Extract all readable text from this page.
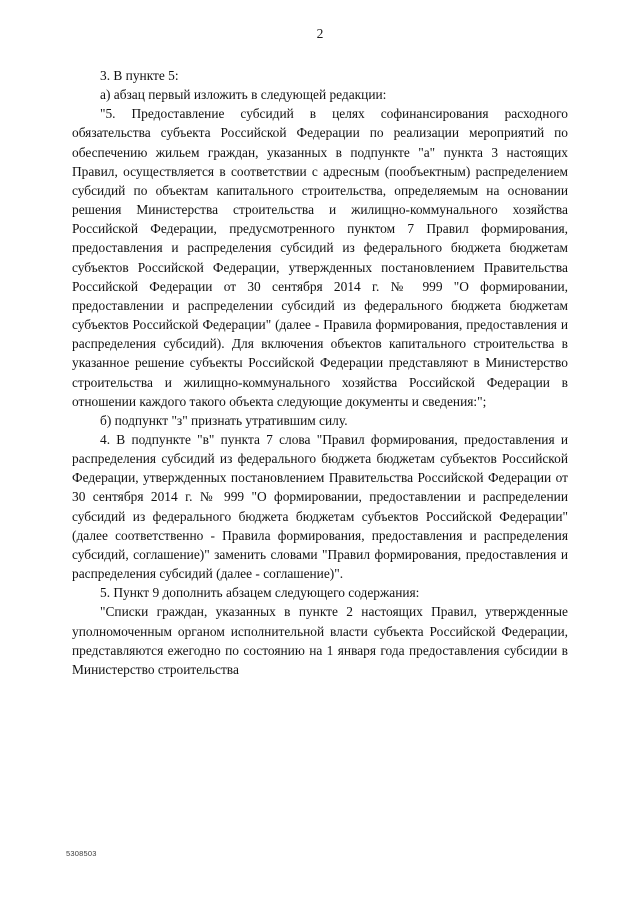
2

3. В пункте 5:

а) абзац первый изложить в следующей редакции:

"5. Предоставление субсидий в целях софинансирования расходного обязательства субъекта Российской Федерации по реализации мероприятий по обеспечению жильем граждан, указанных в подпункте "а" пункта 3 настоящих Правил, осуществляется в соответствии с адресным (пообъектным) распределением субсидий по объектам капитального строительства, определяемым на основании решения Министерства строительства и жилищно-коммунального хозяйства Российской Федерации, предусмотренного пунктом 7 Правил формирования, предоставления и распределения субсидий из федерального бюджета бюджетам субъектов Российской Федерации, утвержденных постановлением Правительства Российской Федерации от 30 сентября 2014 г. № 999 "О формировании, предоставлении и распределении субсидий из федерального бюджета бюджетам субъектов Российской Федерации" (далее - Правила формирования, предоставления и распределения субсидий). Для включения объектов капитального строительства в указанное решение субъекты Российской Федерации представляют в Министерство строительства и жилищно-коммунального хозяйства Российской Федерации в отношении каждого такого объекта следующие документы и сведения:";

б) подпункт "з" признать утратившим силу.

4. В подпункте "в" пункта 7 слова "Правил формирования, предоставления и распределения субсидий из федерального бюджета бюджетам субъектов Российской Федерации, утвержденных постановлением Правительства Российской Федерации от 30 сентября 2014 г. № 999 "О формировании, предоставлении и распределении субсидий из федерального бюджета бюджетам субъектов Российской Федерации" (далее соответственно - Правила формирования, предоставления и распределения субсидий, соглашение)" заменить словами "Правил формирования, предоставления и распределения субсидий (далее - соглашение)".

5. Пункт 9 дополнить абзацем следующего содержания:

"Списки граждан, указанных в пункте 2 настоящих Правил, утвержденные уполномоченным органом исполнительной власти субъекта Российской Федерации, представляются ежегодно по состоянию на 1 января года предоставления субсидии в Министерство строительства

5308503
